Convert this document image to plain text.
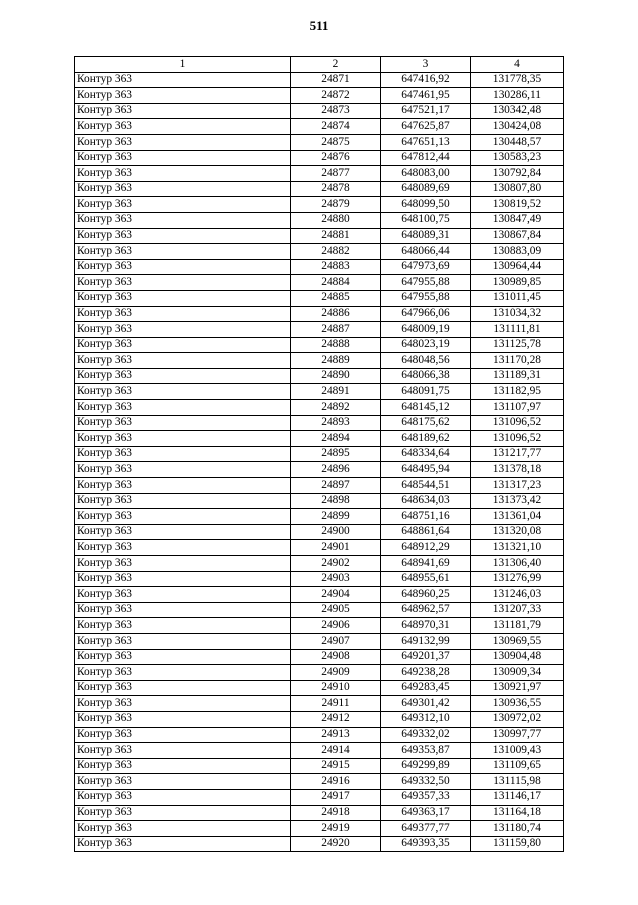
511
1	2	3	4
Контур 363	24871	647416,92	131778,35
Контур 363	24872	647461,95	130286,11
Контур 363	24873	647521,17	130342,48
Контур 363	24874	647625,87	130424,08
Контур 363	24875	647651,13	130448,57
Контур 363	24876	647812,44	130583,23
Контур 363	24877	648083,00	130792,84
Контур 363	24878	648089,69	130807,80
Контур 363	24879	648099,50	130819,52
Контур 363	24880	648100,75	130847,49
Контур 363	24881	648089,31	130867,84
Контур 363	24882	648066,44	130883,09
Контур 363	24883	647973,69	130964,44
Контур 363	24884	647955,88	130989,85
Контур 363	24885	647955,88	131011,45
Контур 363	24886	647966,06	131034,32
Контур 363	24887	648009,19	131111,81
Контур 363	24888	648023,19	131125,78
Контур 363	24889	648048,56	131170,28
Контур 363	24890	648066,38	131189,31
Контур 363	24891	648091,75	131182,95
Контур 363	24892	648145,12	131107,97
Контур 363	24893	648175,62	131096,52
Контур 363	24894	648189,62	131096,52
Контур 363	24895	648334,64	131217,77
Контур 363	24896	648495,94	131378,18
Контур 363	24897	648544,51	131317,23
Контур 363	24898	648634,03	131373,42
Контур 363	24899	648751,16	131361,04
Контур 363	24900	648861,64	131320,08
Контур 363	24901	648912,29	131321,10
Контур 363	24902	648941,69	131306,40
Контур 363	24903	648955,61	131276,99
Контур 363	24904	648960,25	131246,03
Контур 363	24905	648962,57	131207,33
Контур 363	24906	648970,31	131181,79
Контур 363	24907	649132,99	130969,55
Контур 363	24908	649201,37	130904,48
Контур 363	24909	649238,28	130909,34
Контур 363	24910	649283,45	130921,97
Контур 363	24911	649301,42	130936,55
Контур 363	24912	649312,10	130972,02
Контур 363	24913	649332,02	130997,77
Контур 363	24914	649353,87	131009,43
Контур 363	24915	649299,89	131109,65
Контур 363	24916	649332,50	131115,98
Контур 363	24917	649357,33	131146,17
Контур 363	24918	649363,17	131164,18
Контур 363	24919	649377,77	131180,74
Контур 363	24920	649393,35	131159,80
